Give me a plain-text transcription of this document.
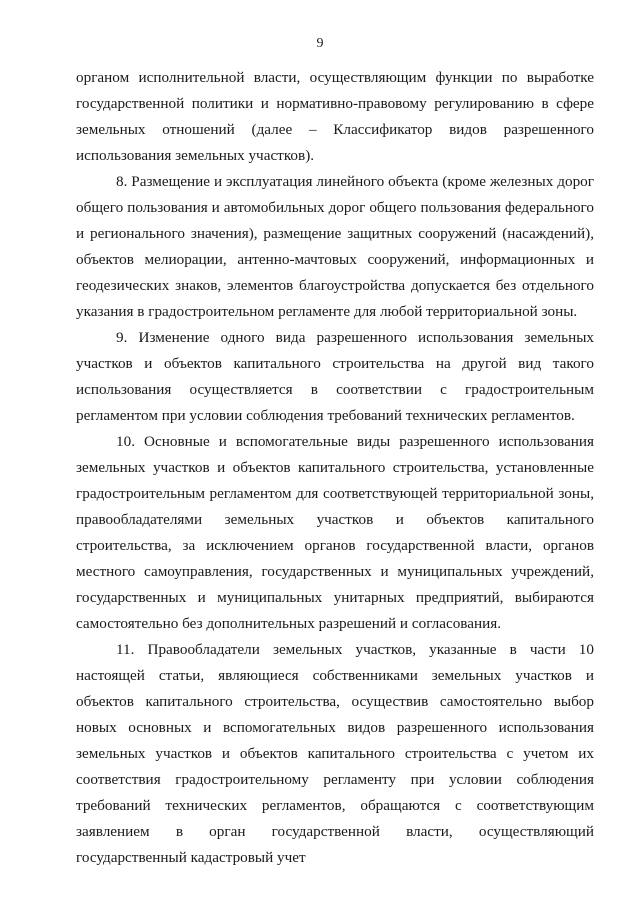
9

органом исполнительной власти, осуществляющим функции по выработке государственной политики и нормативно-правовому регулированию в сфере земельных отношений (далее – Классификатор видов разрешенного использования земельных участков).

8. Размещение и эксплуатация линейного объекта (кроме железных дорог общего пользования и автомобильных дорог общего пользования федерального и регионального значения), размещение защитных сооружений (насаждений), объектов мелиорации, антенно-мачтовых сооружений, информационных и геодезических знаков, элементов благоустройства допускается без отдельного указания в градостроительном регламенте для любой территориальной зоны.

9. Изменение одного вида разрешенного использования земельных участков и объектов капитального строительства на другой вид такого использования осуществляется в соответствии с градостроительным регламентом при условии соблюдения требований технических регламентов.

10. Основные и вспомогательные виды разрешенного использования земельных участков и объектов капитального строительства, установленные градостроительным регламентом для соответствующей территориальной зоны, правообладателями земельных участков и объектов капитального строительства, за исключением органов государственной власти, органов местного самоуправления, государственных и муниципальных учреждений, государственных и муниципальных унитарных предприятий, выбираются самостоятельно без дополнительных разрешений и согласования.

11. Правообладатели земельных участков, указанные в части 10 настоящей статьи, являющиеся собственниками земельных участков и объектов капитального строительства, осуществив самостоятельно выбор новых основных и вспомогательных видов разрешенного использования земельных участков и объектов капитального строительства с учетом их соответствия градостроительному регламенту при условии соблюдения требований технических регламентов, обращаются с соответствующим заявлением в орган государственной власти, осуществляющий государственный кадастровый учет
